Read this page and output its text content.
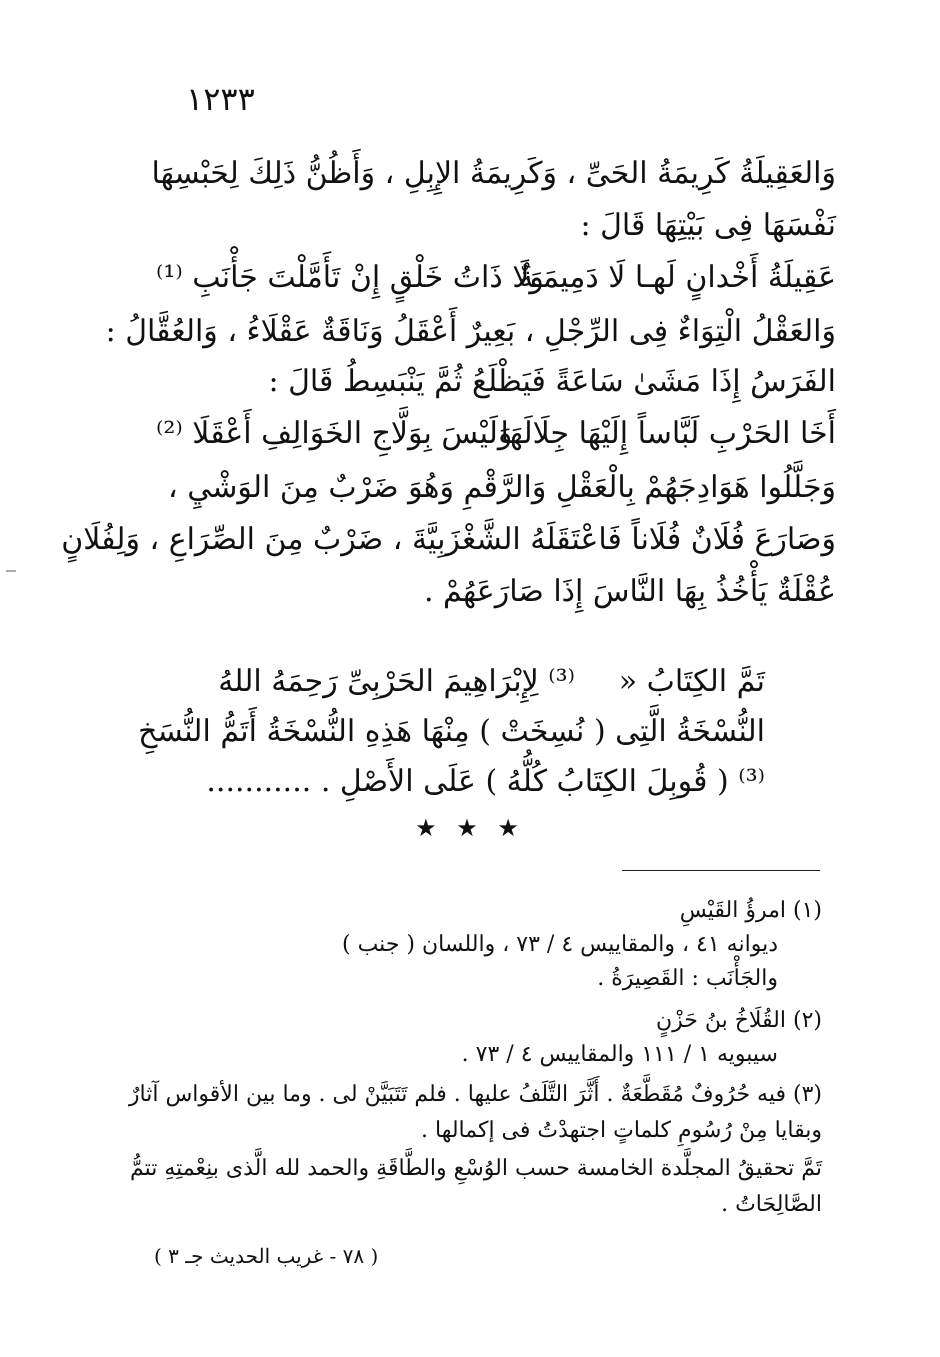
١٢٣٣
وَالعَقِيلَةُ كَرِيمَةُ الحَىِّ ، وَكَرِيمَةُ الإِبِلِ ، وَأَظُنُّ ذَلِكَ لِحَبْسِهَا
نَفْسَهَا فِى بَيْتِهَا قَالَ :
عَقِيلَةُ أَخْدانٍ لَهـا لَا دَمِيمَـةٌ
وَلَا ذَاتُ خَلْقٍ إِنْ تَأَمَّلْتَ جَأْنَبِ ⁽¹⁾
وَالعَقْلُ الْتِوَاءٌ فِى الرِّجْلِ ، بَعِيرٌ أَعْقَلُ وَنَاقَةٌ عَقْلَاءُ ، وَالعُقَّالُ :
الفَرَسُ إِذَا مَشَىٰ سَاعَةً فَيَظْلَعُ ثُمَّ يَنْبَسِطُ قَالَ :
أَخَا الحَرْبِ لَبَّاساً إِلَيْهَا جِلَالَهَا
وَلَيْسَ بِوَلَّاجِ الخَوَالِفِ أَعْقَلَا ⁽²⁾
وَجَلَّلُوا هَوَادِجَهُمْ بِالْعَقْلِ وَالرَّقْمِ وَهُوَ ضَرْبٌ مِنَ الوَشْيِ ،
وَصَارَعَ فُلَانٌ فُلَاناً فَاعْتَقَلَهُ الشَّغْزَبِيَّةَ ، ضَرْبٌ مِنَ الصِّرَاعِ ، وَلِفُلَانٍ
عُقْلَةٌ يَأْخُذُ بِهَا النَّاسَ إِذَا صَارَعَهُمْ .
تَمَّ الكِتَابُ «
⁽³⁾ لِإِبْرَاهِيمَ الحَرْبِىِّ رَحِمَهُ اللهُ
النُّسْخَةُ الَّتِى ( نُسِخَتْ ) مِنْهَا هَذِهِ النُّسْخَةُ أَتَمُّ النُّسَخِ
⁽³⁾ ( قُوبِلَ الكِتَابُ كُلُّهُ ) عَلَى الأَصْلِ . ...........
★ ★ ★
(١) امرؤُ القَيْسِ
ديوانه ٤١ ، والمقاييس ٤ / ٧٣ ، واللسان ( جنب )
والجَأْنَب : القَصِيرَةُ .
(٢) القُلَاخُ بنُ حَزْنٍ
سيبويه ١ / ١١١ والمقاييس ٤ / ٧٣ .
(٣) فيه حُرُوفٌ مُقَطَّعَةٌ . أَثَّرَ التَّلَفُ عليها . فلم تَتَبَيَّنْ لى . وما بين الأقواس آثارٌ
وبقايا مِنْ رُسُومِ كلماتٍ اجتهدْتُ فى إكمالها .
تَمَّ تحقيقُ المجلَّدة الخامسة حسب الوُسْعِ والطَّاقَةِ والحمد لله الَّذى بنِعْمتِهِ تتمُّ
الصَّالِحَاتُ .
( ٧٨ - غريب الحديث جـ ٣ )
